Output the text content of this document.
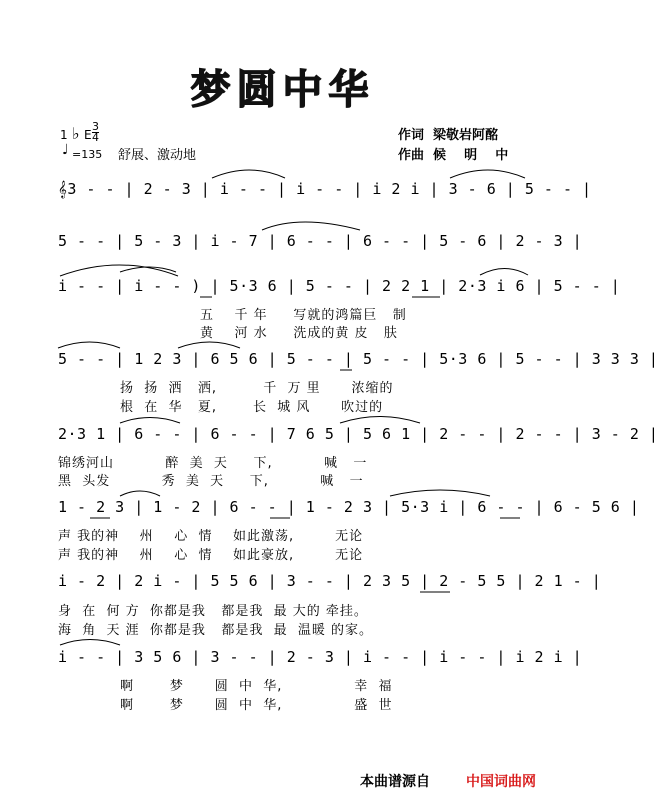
梦圆中华
1 ♭ E
3
4
♩ =135 舒展、激动地
作词  梁敬岩阿酩
作曲  候    明    中
𝄞3 - - | 2 - 3 | i - - | i - - | i 2 i | 3 - 6 | 5 - - |
5 - - | 5 - 3 | i - 7 | 6 - - | 6 - - | 5 - 6 | 2 - 3 |
i - - | i - - ) | 5·3 6 | 5 - - | 2 2 1 | 2·3 i 6 | 5 - - |
五    千 年     写就的鸿篇巨   制
黄    河 水     洗成的黄 皮   肤
5 - - | 1 2 3 | 6 5 6 | 5 - - | 5 - - | 5·3 6 | 5 - - | 3 3 3 |
扬  扬  洒   洒,         千  万 里      浓缩的
根  在  华   夏,       长  城 风      吹过的
2·3 1 | 6 - - | 6 - - | 7 6 5 | 5 6 1 | 2 - - | 2 - - | 3 - 2 |
锦绣河山          醉  美  天     下,          喊   一
黑  头发          秀  美  天     下,          喊   一
1 - 2 3 | 1 - 2 | 6 - - | 1 - 2 3 | 5·3 i | 6 - - | 6 - 5 6 |
声 我的神    州    心  情    如此激荡,        无论
声 我的神    州    心  情    如此豪放,        无论
i - 2 | 2 i - | 5 5 6 | 3 - - | 2 3 5 | 2 - 5 5 | 2 1 - |
身  在  何 方  你都是我   都是我  最 大的 牵挂。
海  角  天 涯  你都是我   都是我  最  温暖 的家。
i - - | 3 5 6 | 3 - - | 2 - 3 | i - - | i - - | i 2 i |
啊       梦      圆  中  华,              幸  福
啊       梦      圆  中  华,              盛  世
本曲谱源自	中国词曲网
